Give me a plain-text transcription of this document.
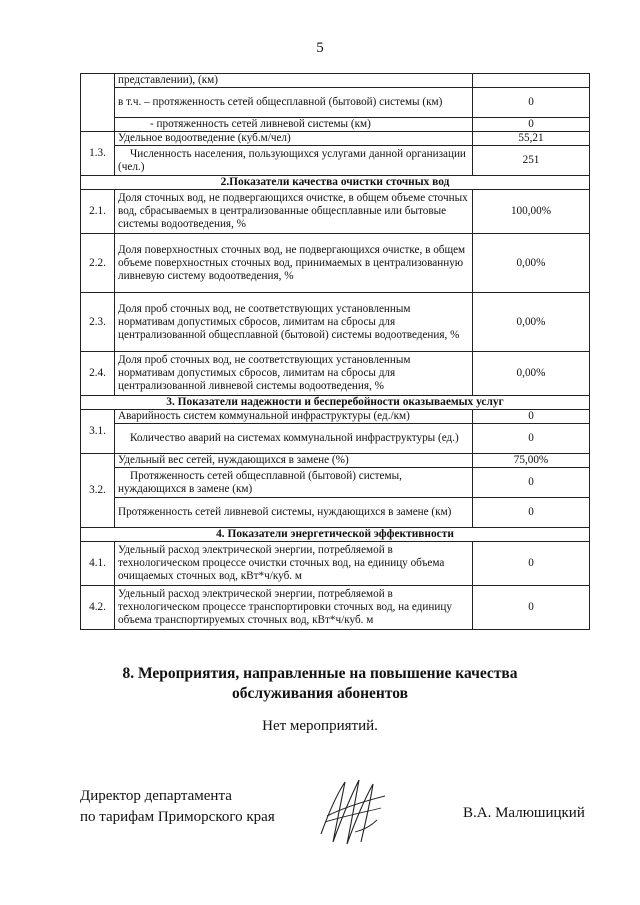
5
	представлении), (км)	
	в т.ч. – протяженность сетей общесплавной (бытовой) системы (км)	0
	- протяженность сетей ливневой системы (км)	0
1.3.	Удельное водоотведение (куб.м/чел)	55,21
	Численность населения, пользующихся услугами данной организации (чел.)	251
2.Показатели качества очистки сточных вод		
2.1.	Доля сточных вод, не подвергающихся очистке, в общем объеме сточных вод, сбрасываемых в централизованные общесплавные или бытовые системы водоотведения, %	100,00%
2.2.	Доля поверхностных сточных вод, не подвергающихся очистке, в общем объеме поверхностных сточных вод, принимаемых в централизованную ливневую систему водоотведения, %	0,00%
2.3.	Доля проб сточных вод, не соответствующих установленным нормативам допустимых сбросов, лимитам на сбросы для централизованной общесплавной (бытовой) системы водоотведения, %	0,00%
2.4.	Доля проб сточных вод, не соответствующих установленным нормативам допустимых сбросов, лимитам на сбросы для централизованной ливневой системы водоотведения, %	0,00%
3. Показатели надежности и бесперебойности оказываемых услуг		
3.1.	Аварийность систем коммунальной инфраструктуры (ед./км)	0
	Количество аварий на системах коммунальной инфраструктуры (ед.)	0
3.2.	Удельный вес сетей, нуждающихся в замене (%)	75,00%
	Протяженность сетей общесплавной (бытовой) системы, нуждающихся в замене (км)	0
	Протяженность сетей ливневой системы, нуждающихся в замене (км)	0
4. Показатели энергетической эффективности		
4.1.	Удельный расход электрической энергии, потребляемой в технологическом процессе очистки сточных вод, на единицу объема очищаемых сточных вод, кВт*ч/куб. м	0
4.2.	Удельный расход электрической энергии, потребляемой в технологическом процессе транспортировки сточных вод, на единицу объема транспортируемых сточных вод, кВт*ч/куб. м	0
8. Мероприятия, направленные на повышение качества
обслуживания абонентов
Нет мероприятий.
Директор департамента
по тарифам Приморского края	В.А. Малюшицкий
